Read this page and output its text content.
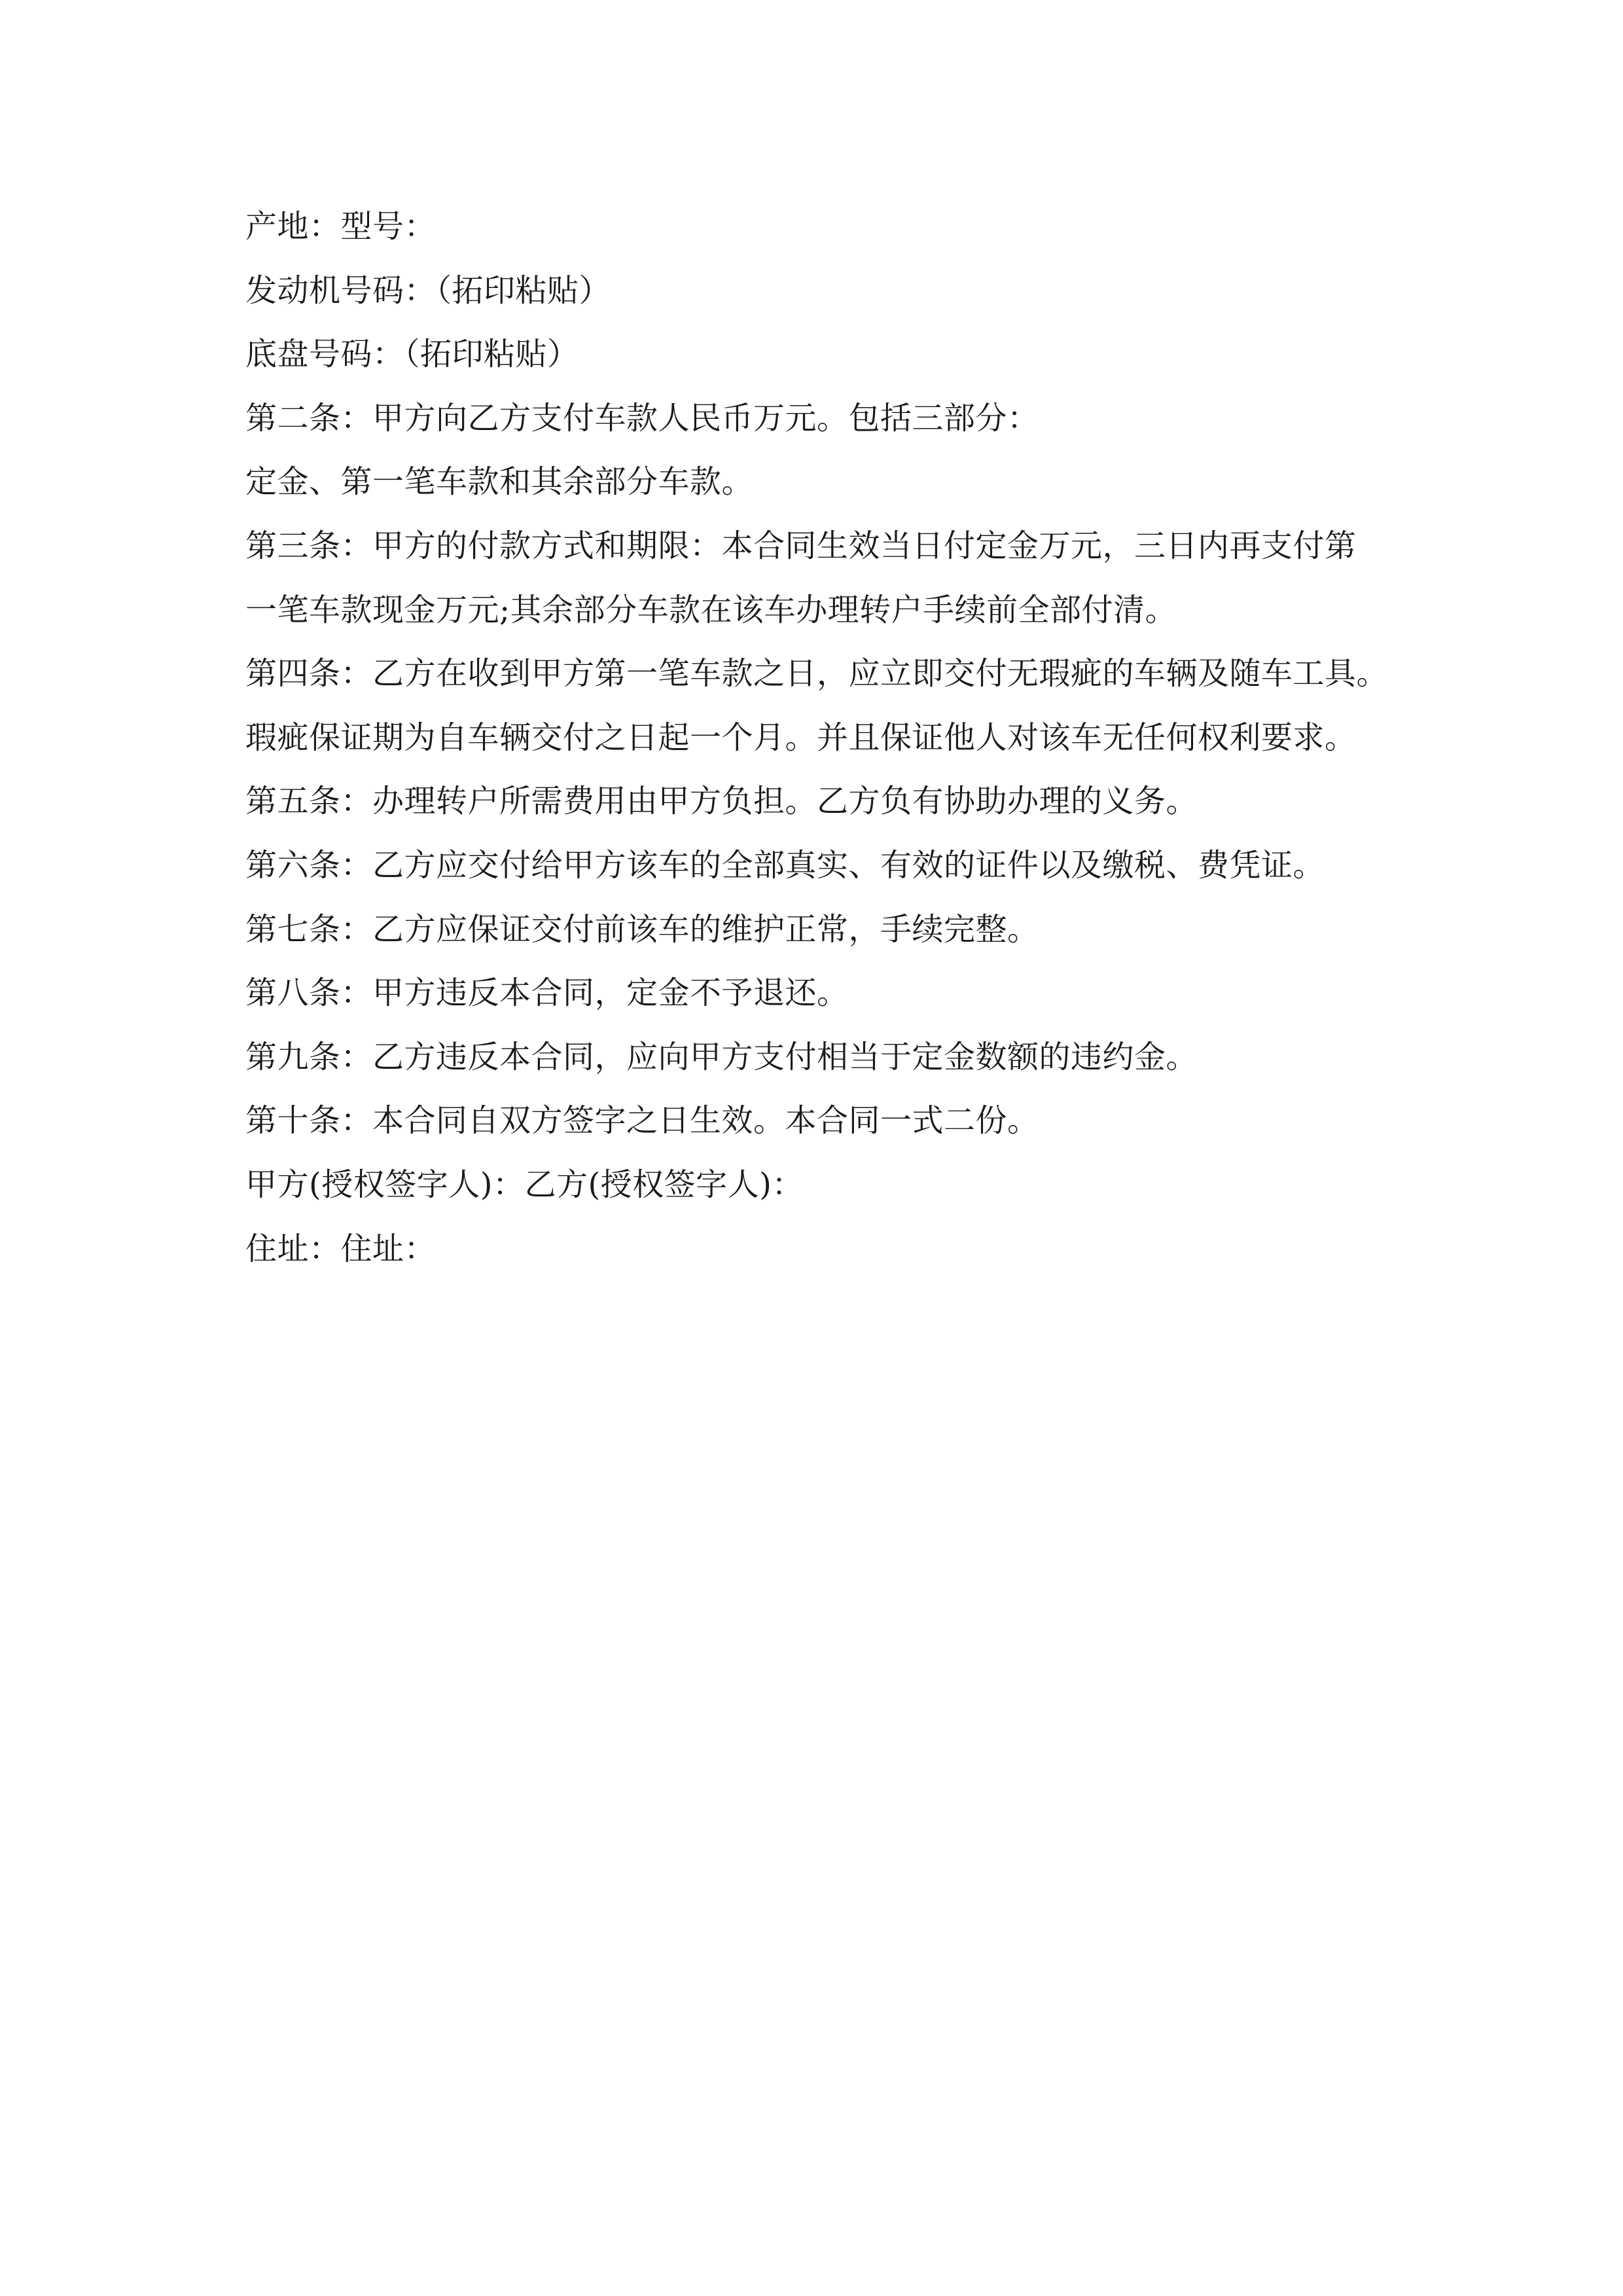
产地：型号：
发动机号码：（拓印粘贴）
底盘号码：（拓印粘贴）
第二条：甲方向乙方支付车款人民币万元。包括三部分：
定金、第一笔车款和其余部分车款。
第三条：甲方的付款方式和期限：本合同生效当日付定金万元，三日内再支付第
一笔车款现金万元;其余部分车款在该车办理转户手续前全部付清。
第四条：乙方在收到甲方第一笔车款之日，应立即交付无瑕疵的车辆及随车工具。
瑕疵保证期为自车辆交付之日起一个月。并且保证他人对该车无任何权利要求。
第五条：办理转户所需费用由甲方负担。乙方负有协助办理的义务。
第六条：乙方应交付给甲方该车的全部真实、有效的证件以及缴税、费凭证。
第七条：乙方应保证交付前该车的维护正常，手续完整。
第八条：甲方违反本合同，定金不予退还。
第九条：乙方违反本合同，应向甲方支付相当于定金数额的违约金。
第十条：本合同自双方签字之日生效。本合同一式二份。
甲方(授权签字人)：乙方(授权签字人)：
住址：住址：
